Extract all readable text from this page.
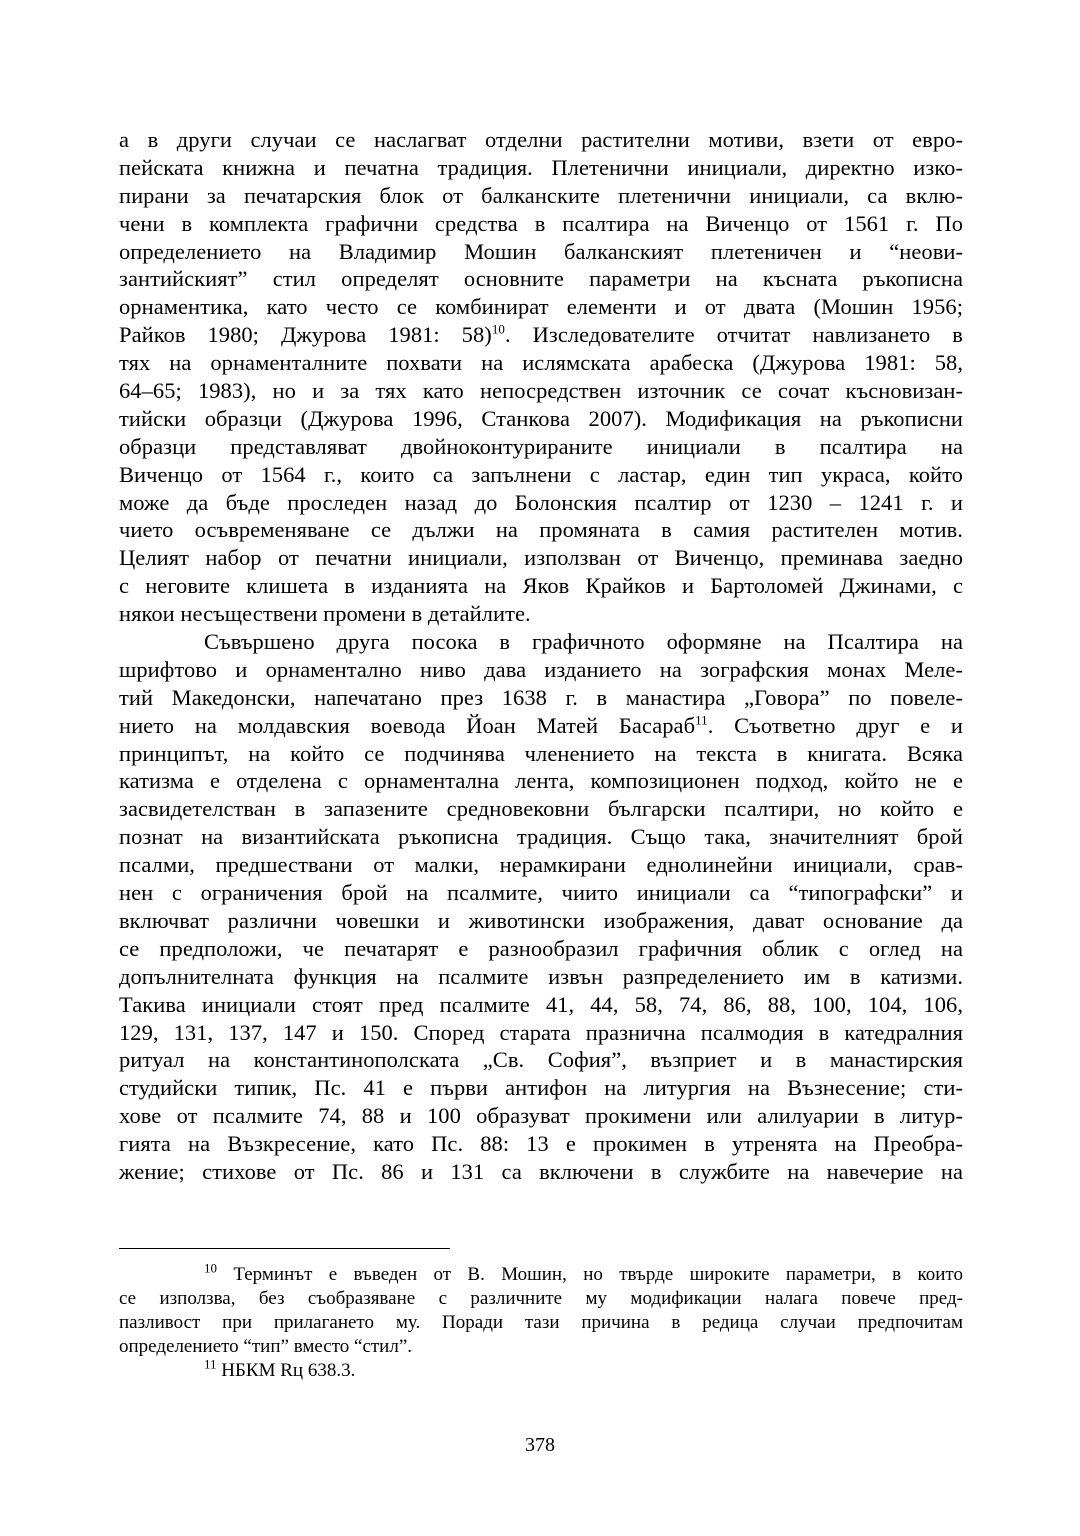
а в други случаи се наслагват отделни растителни мотиви, взети от евро-
пейската книжна и печатна традиция. Плетенични инициали, директно изко-
пирани за печатарския блок от балканските плетенични инициали, са вклю-
чени в комплекта графични средства в псалтира на Виченцо от 1561 г. По
определението на Владимир Мошин балканският плетеничен и “неови-
зантийският” стил определят основните параметри на късната ръкописна
орнаментика, като често се комбинират елементи и от двата (Мошин 1956;
Райков 1980; Джурова 1981: 58)$^{10}$. Изследователите отчитат навлизането в
тях на орнаменталните похвати на ислямската арабеска (Джурова 1981: 58,
64–65; 1983), но и за тях като непосредствен източник се сочат късновизан-
тийски образци (Джурова 1996, Станкова 2007). Модификация на ръкописни
образци представляват двойноконтурираните инициали в псалтира на
Виченцо от 1564 г., които са запълнени с ластар, един тип украса, който
може да бъде проследен назад до Болонския псалтир от 1230 – 1241 г. и
чието осъвременяване се дължи на промяната в самия растителен мотив.
Целият набор от печатни инициали, използван от Виченцо, преминава заедно
с неговите клишета в изданията на Яков Крайков и Бартоломей Джинами, с
някои несъществени промени в детайлите.

Съвършено друга посока в графичното оформяне на Псалтира на
шрифтово и орнаментално ниво дава изданието на зографския монах Меле-
тий Македонски, напечатано през 1638 г. в манастира „Говора” по повеле-
нието на молдавския воевода Йоан Матей Басараб$^{11}$. Съответно друг е и
принципът, на който се подчинява членението на текста в книгата. Всяка
катизма е отделена с орнаментална лента, композиционен подход, който не е
засвидетелстван в запазените средновековни български псалтири, но който е
познат на византийската ръкописна традиция. Също така, значителният брой
псалми, предшествани от малки, нерамкирани еднолинейни инициали, срав-
нен с ограничения брой на псалмите, чиито инициали са “типографски” и
включват различни човешки и животински изображения, дават основание да
се предположи, че печатарят е разнообразил графичния облик с оглед на
допълнителната функция на псалмите извън разпределението им в катизми.
Такива инициали стоят пред псалмите 41, 44, 58, 74, 86, 88, 100, 104, 106,
129, 131, 137, 147 и 150. Според старата празнична псалмодия в катедралния
ритуал на константинополската „Св. София”, възприет и в манастирския
студийски типик, Пс. 41 е първи антифон на литургия на Възнесение; сти-
хове от псалмите 74, 88 и 100 образуват прокимени или алилуарии в литур-
гията на Възкресение, като Пс. 88: 13 е прокимен в утренята на Преобра-
жение; стихове от Пс. 86 и 131 са включени в службите на навечерие на

$^{10}$ Терминът е въведен от В. Мошин, но твърде широките параметри, в които
се използва, без съобразяване с различните му модификации налага повече пред-
пазливост при прилагането му. Поради тази причина в редица случаи предпочитам
определението “тип” вместо “стил”.
$^{11}$ НБКМ Rц 638.3.
378
